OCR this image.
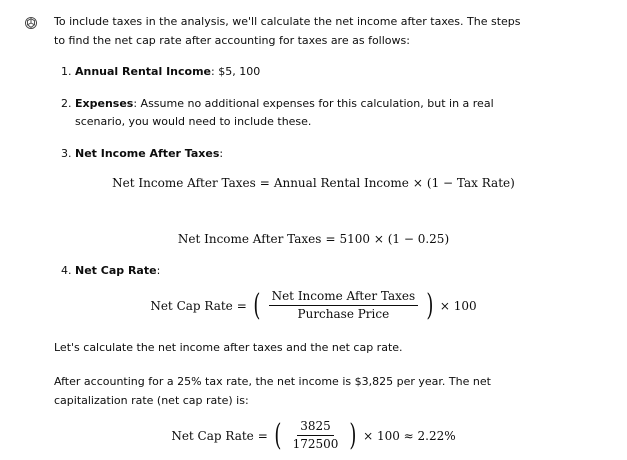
To include taxes in the analysis, we'll calculate the net income after taxes. The steps to find the net cap rate after accounting for taxes are as follows:
1. Annual Rental Income: $5, 100
2. Expenses: Assume no additional expenses for this calculation, but in a real scenario, you would need to include these.
3. Net Income After Taxes:
Net Income After Taxes = Annual Rental Income × (1 − Tax Rate)
Net Income After Taxes = 5100 × (1 − 0.25)
4. Net Cap Rate:
Net Cap Rate = ( $\frac{\text{Net Income After Taxes}}{\text{Purchase Price}}$ ) × 100
Let's calculate the net income after taxes and the net cap rate.
After accounting for a 25% tax rate, the net income is $3,825 per year. The net capitalization rate (net cap rate) is:
Net Cap Rate = ( $\frac{3825}{172500}$ ) × 100 ≈ 2.22%
